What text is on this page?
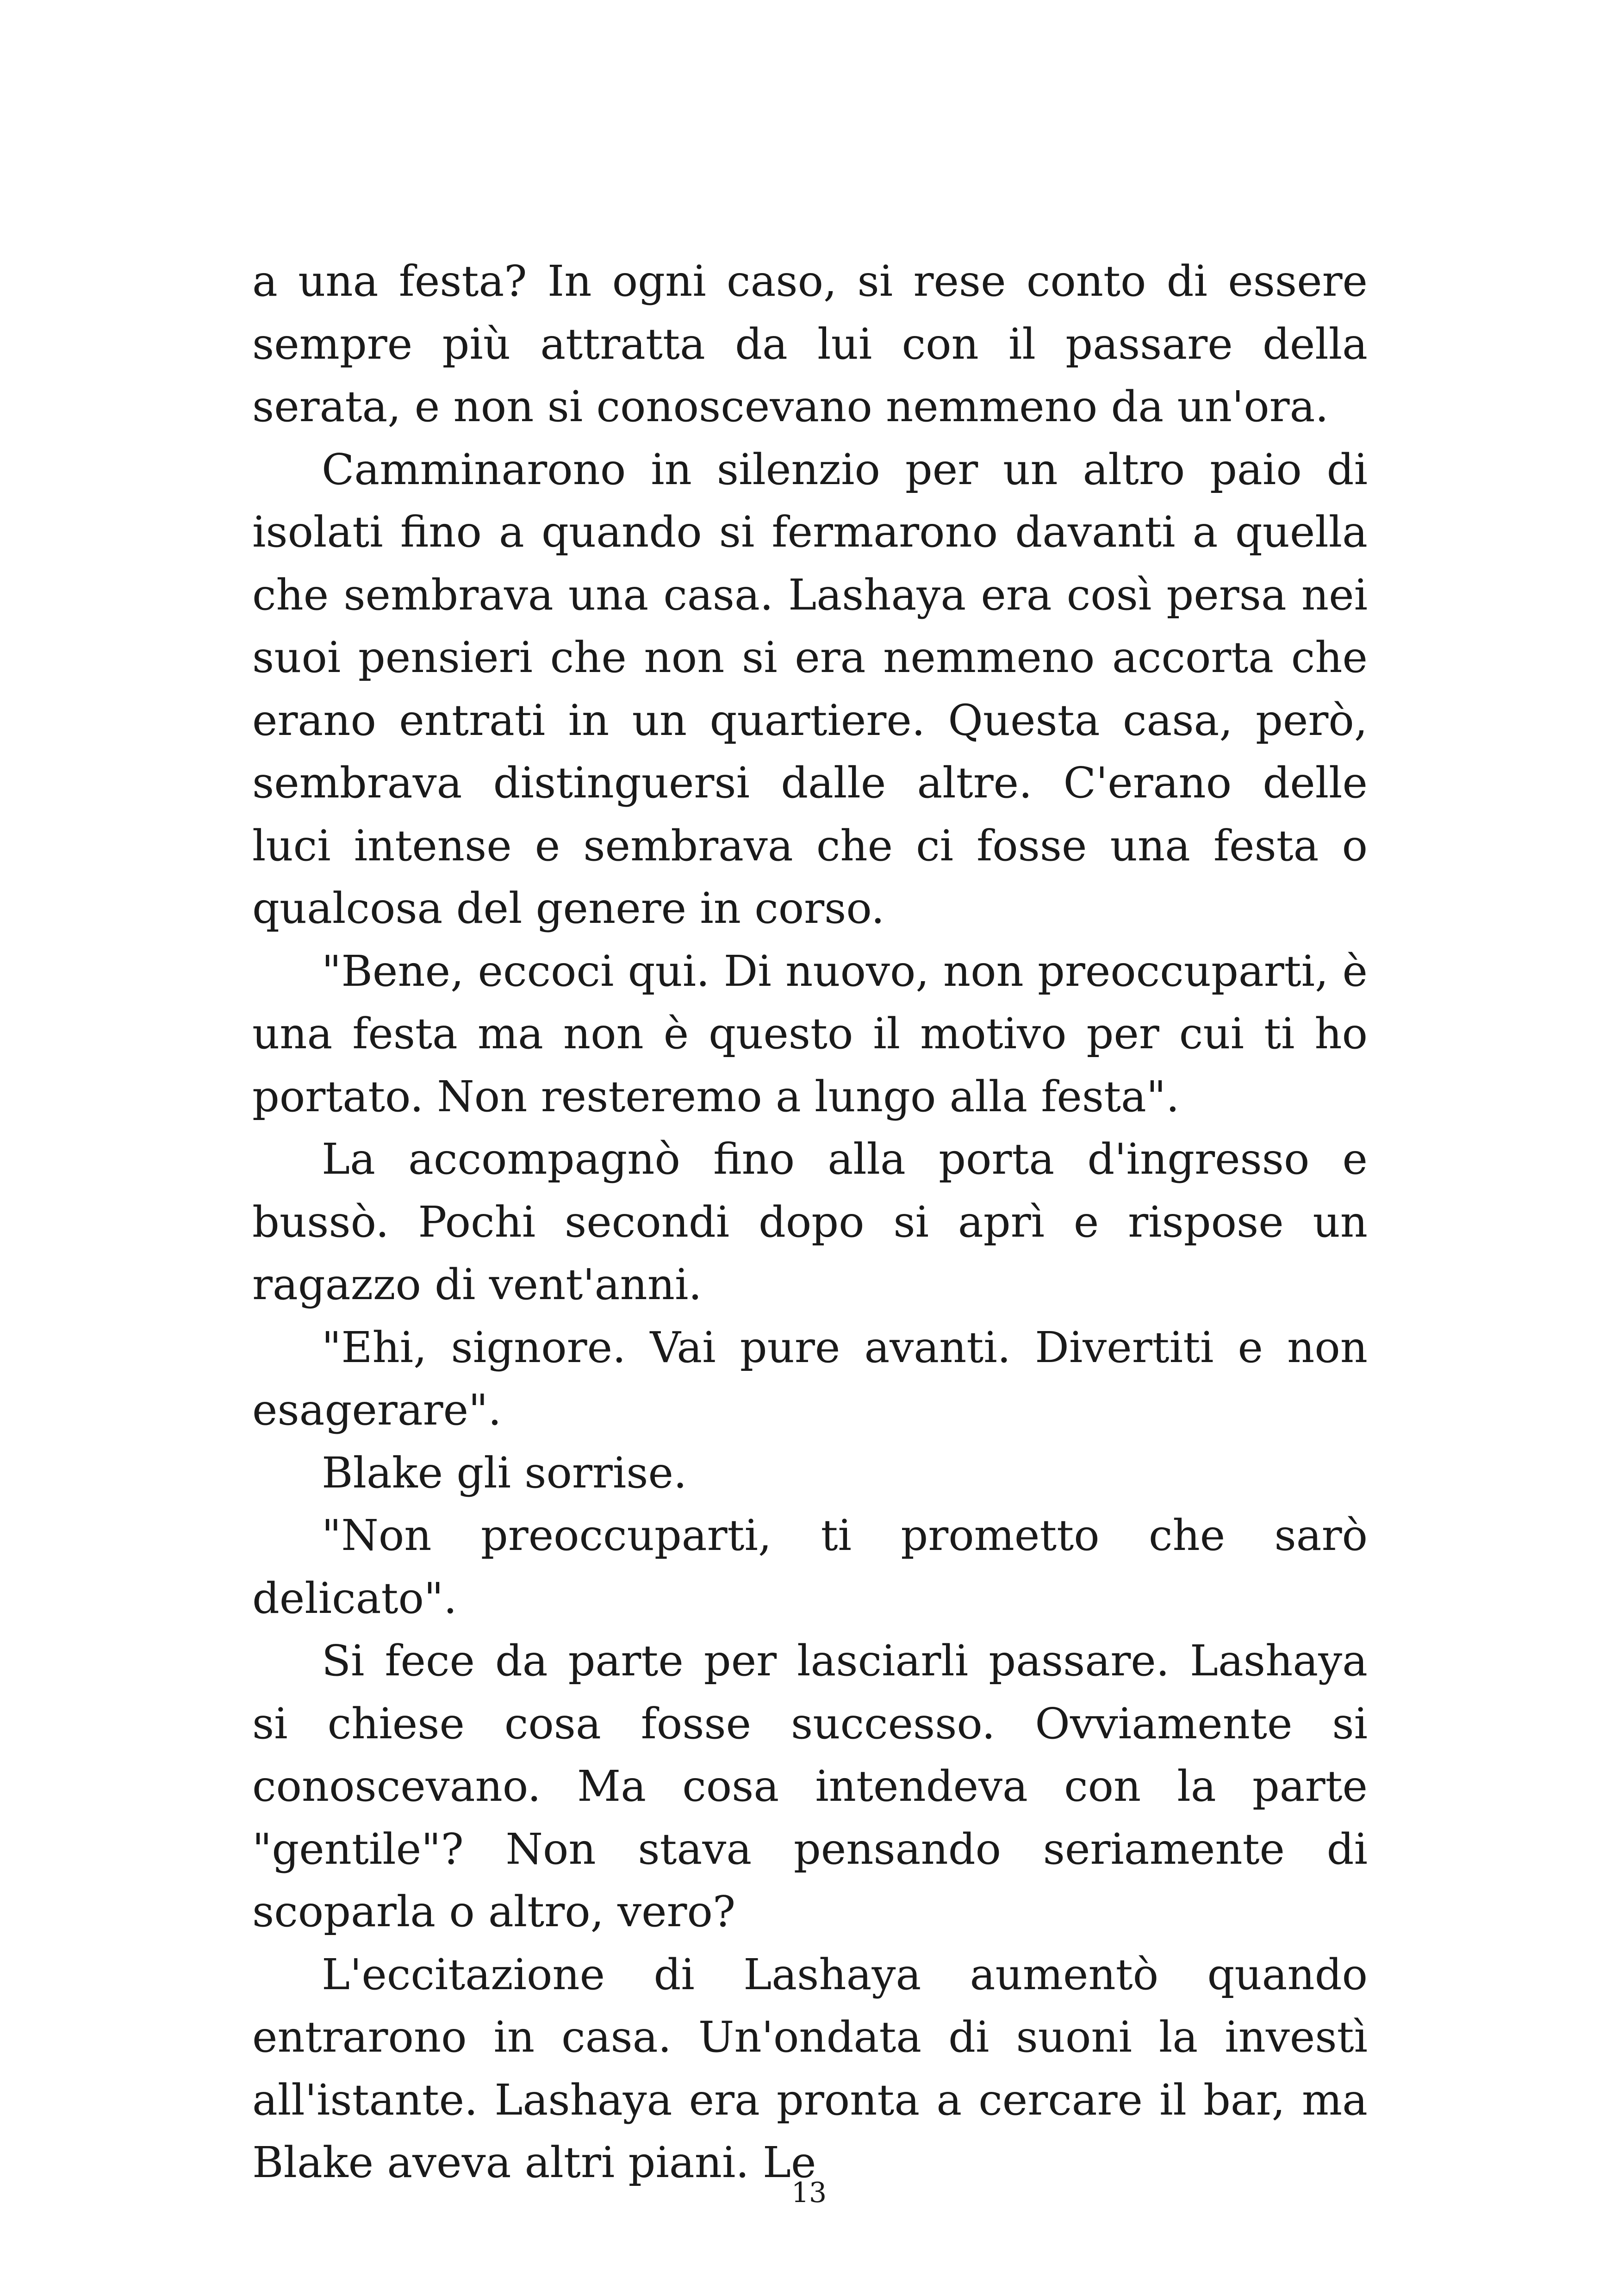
a una festa? In ogni caso, si rese conto di essere sempre più attratta da lui con il passare della serata, e non si conoscevano nemmeno da un'ora.

Camminarono in silenzio per un altro paio di isolati fino a quando si fermarono davanti a quella che sembrava una casa. Lashaya era così persa nei suoi pensieri che non si era nemmeno accorta che erano entrati in un quartiere. Questa casa, però, sembrava distinguersi dalle altre. C'erano delle luci intense e sembrava che ci fosse una festa o qualcosa del genere in corso.

"Bene, eccoci qui. Di nuovo, non preoccuparti, è una festa ma non è questo il motivo per cui ti ho portato. Non resteremo a lungo alla festa".

La accompagnò fino alla porta d'ingresso e bussò. Pochi secondi dopo si aprì e rispose un ragazzo di vent'anni.

"Ehi, signore. Vai pure avanti. Divertiti e non esagerare".

Blake gli sorrise.

"Non preoccuparti, ti prometto che sarò delicato".

Si fece da parte per lasciarli passare. Lashaya si chiese cosa fosse successo. Ovviamente si conoscevano. Ma cosa intendeva con la parte "gentile"? Non stava pensando seriamente di scoparla o altro, vero?

L'eccitazione di Lashaya aumentò quando entrarono in casa. Un'ondata di suoni la investì all'istante. Lashaya era pronta a cercare il bar, ma Blake aveva altri piani. Le

13
